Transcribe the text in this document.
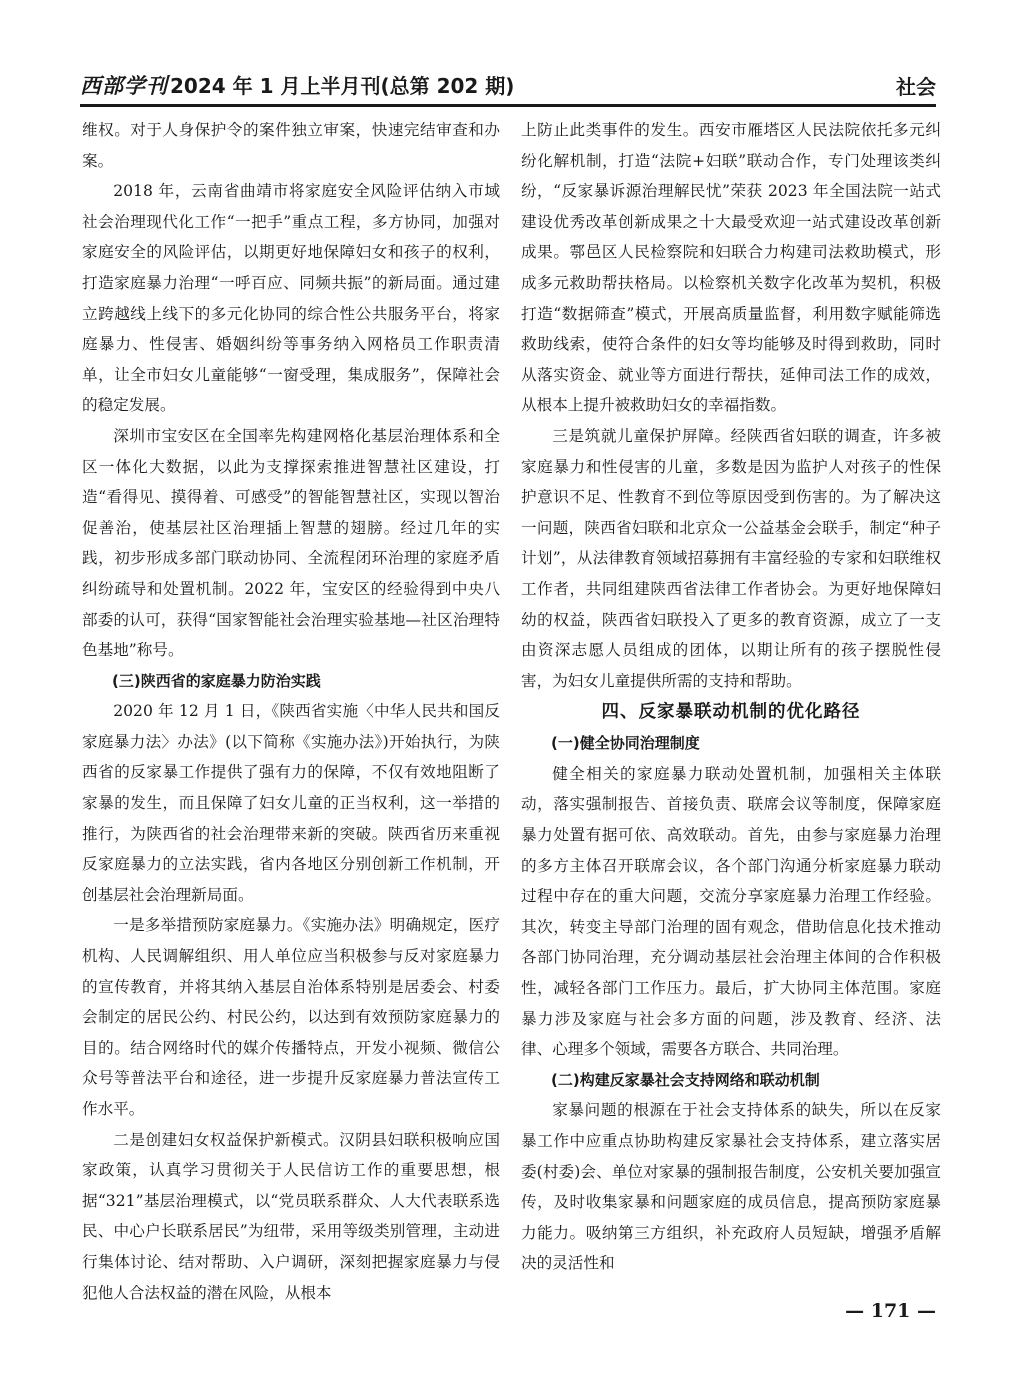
西部学刊 2024 年 1 月上半月刊(总第 202 期)	社会

维权。对于人身保护令的案件独立审案，快速完结审查和办案。

2018 年，云南省曲靖市将家庭安全风险评估纳入市域社会治理现代化工作“一把手”重点工程，多方协同，加强对家庭安全的风险评估，以期更好地保障妇女和孩子的权利，打造家庭暴力治理“一呼百应、同频共振”的新局面。通过建立跨越线上线下的多元化协同的综合性公共服务平台，将家庭暴力、性侵害、婚姻纠纷等事务纳入网格员工作职责清单，让全市妇女儿童能够“一窗受理，集成服务”，保障社会的稳定发展。

深圳市宝安区在全国率先构建网格化基层治理体系和全区一体化大数据，以此为支撑探索推进智慧社区建设，打造“看得见、摸得着、可感受”的智能智慧社区，实现以智治促善治，使基层社区治理插上智慧的翅膀。经过几年的实践，初步形成多部门联动协同、全流程闭环治理的家庭矛盾纠纷疏导和处置机制。2022 年，宝安区的经验得到中央八部委的认可，获得“国家智能社会治理实验基地—社区治理特色基地”称号。

(三)陕西省的家庭暴力防治实践

2020 年 12 月 1 日，《陕西省实施〈中华人民共和国反家庭暴力法〉办法》(以下简称《实施办法》)开始执行，为陕西省的反家暴工作提供了强有力的保障，不仅有效地阻断了家暴的发生，而且保障了妇女儿童的正当权利，这一举措的推行，为陕西省的社会治理带来新的突破。陕西省历来重视反家庭暴力的立法实践，省内各地区分别创新工作机制，开创基层社会治理新局面。

一是多举措预防家庭暴力。《实施办法》明确规定，医疗机构、人民调解组织、用人单位应当积极参与反对家庭暴力的宣传教育，并将其纳入基层自治体系特别是居委会、村委会制定的居民公约、村民公约，以达到有效预防家庭暴力的目的。结合网络时代的媒介传播特点，开发小视频、微信公众号等普法平台和途径，进一步提升反家庭暴力普法宣传工作水平。

二是创建妇女权益保护新模式。汉阴县妇联积极响应国家政策，认真学习贯彻关于人民信访工作的重要思想，根据“321”基层治理模式，以“党员联系群众、人大代表联系选民、中心户长联系居民”为纽带，采用等级类别管理，主动进行集体讨论、结对帮助、入户调研，深刻把握家庭暴力与侵犯他人合法权益的潜在风险，从根本

上防止此类事件的发生。西安市雁塔区人民法院依托多元纠纷化解机制，打造“法院+妇联”联动合作，专门处理该类纠纷，“反家暴诉源治理解民忧”荣获 2023 年全国法院一站式建设优秀改革创新成果之十大最受欢迎一站式建设改革创新成果。鄠邑区人民检察院和妇联合力构建司法救助模式，形成多元救助帮扶格局。以检察机关数字化改革为契机，积极打造“数据筛查”模式，开展高质量监督，利用数字赋能筛选救助线索，使符合条件的妇女等均能够及时得到救助，同时从落实资金、就业等方面进行帮扶，延伸司法工作的成效，从根本上提升被救助妇女的幸福指数。

三是筑就儿童保护屏障。经陕西省妇联的调查，许多被家庭暴力和性侵害的儿童，多数是因为监护人对孩子的性保护意识不足、性教育不到位等原因受到伤害的。为了解决这一问题，陕西省妇联和北京众一公益基金会联手，制定“种子计划”，从法律教育领域招募拥有丰富经验的专家和妇联维权工作者，共同组建陕西省法律工作者协会。为更好地保障妇幼的权益，陕西省妇联投入了更多的教育资源，成立了一支由资深志愿人员组成的团体，以期让所有的孩子摆脱性侵害，为妇女儿童提供所需的支持和帮助。

四、反家暴联动机制的优化路径
(一)健全协同治理制度

健全相关的家庭暴力联动处置机制，加强相关主体联动，落实强制报告、首接负责、联席会议等制度，保障家庭暴力处置有据可依、高效联动。首先，由参与家庭暴力治理的多方主体召开联席会议，各个部门沟通分析家庭暴力联动过程中存在的重大问题，交流分享家庭暴力治理工作经验。其次，转变主导部门治理的固有观念，借助信息化技术推动各部门协同治理，充分调动基层社会治理主体间的合作积极性，减轻各部门工作压力。最后，扩大协同主体范围。家庭暴力涉及家庭与社会多方面的问题，涉及教育、经济、法律、心理多个领域，需要各方联合、共同治理。

(二)构建反家暴社会支持网络和联动机制

家暴问题的根源在于社会支持体系的缺失，所以在反家暴工作中应重点协助构建反家暴社会支持体系，建立落实居委(村委)会、单位对家暴的强制报告制度，公安机关要加强宣传，及时收集家暴和问题家庭的成员信息，提高预防家庭暴力能力。吸纳第三方组织，补充政府人员短缺，增强矛盾解决的灵活性和

— 171 —
